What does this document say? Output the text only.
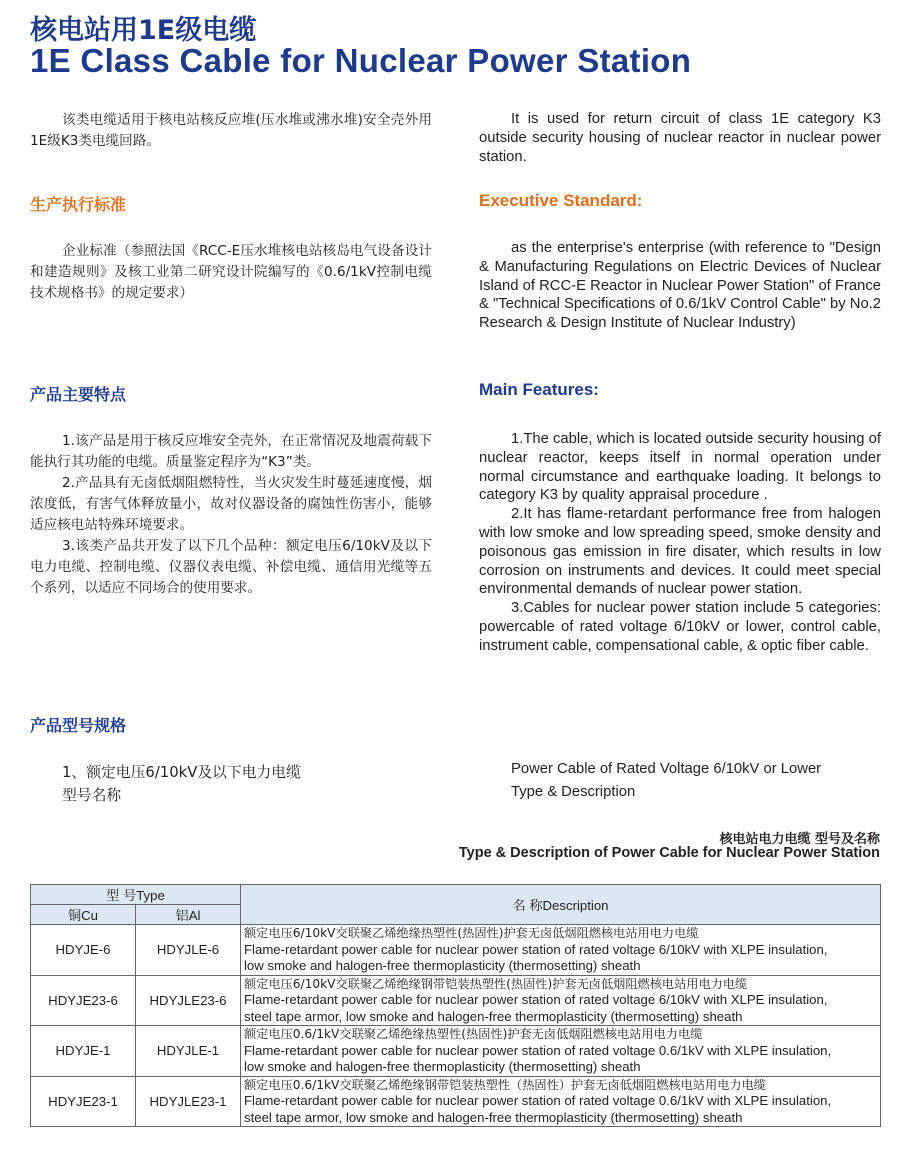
核电站用1E级电缆
1E Class Cable for Nuclear Power Station

该类电缆适用于核电站核反应堆(压水堆或沸水堆)安全壳外用1E级K3类电缆回路。

It is used for return circuit of class 1E category K3 outside security housing of nuclear reactor in nuclear power station.

生产执行标准

企业标准（参照法国《RCC-E压水堆核电站核岛电气设备设计和建造规则》及核工业第二研究设计院编写的《0.6/1kV控制电缆技术规格书》的规定要求）

Executive Standard:

as the enterprise's enterprise (with reference to "Design & Manufacturing Regulations on Electric Devices of Nuclear Island of RCC-E Reactor in Nuclear Power Station" of France & "Technical Specifications of 0.6/1kV Control Cable" by No.2 Research & Design Institute of Nuclear Industry)

产品主要特点

1.该产品是用于核反应堆安全壳外，在正常情况及地震荷载下能执行其功能的电缆。质量鉴定程序为“K3”类。

2.产品具有无卤低烟阻燃特性，当火灾发生时蔓延速度慢，烟浓度低，有害气体释放量小，故对仪器设备的腐蚀性伤害小，能够适应核电站特殊环境要求。

3.该类产品共开发了以下几个品种：额定电压6/10kV及以下电力电缆、控制电缆、仪器仪表电缆、补偿电缆、通信用光缆等五个系列，以适应不同场合的使用要求。

Main Features:

1.The cable, which is located outside security housing of nuclear reactor, keeps itself in normal operation under normal circumstance and earthquake loading. It belongs to category K3 by quality appraisal procedure .

2.It has flame-retardant performance free from halogen with low smoke and low spreading speed, smoke density and poisonous gas emission in fire disater, which results in low corrosion on instruments and devices. It could meet special environmental demands of nuclear power station.

3.Cables for nuclear power station include 5 categories: powercable of rated voltage 6/10kV or lower, control cable, instrument cable, compensational cable, & optic fiber cable.

产品型号规格

1、额定电压6/10kV及以下电力电缆

型号名称

Power Cable of Rated Voltage 6/10kV or Lower

Type & Description

核电站电力电缆 型号及名称
Type & Description of Power Cable for Nuclear Power Station
型 号Type		名 称Description
铜Cu	铝Al	
HDYJE-6	HDYJLE-6	额定电压6/10kV交联聚乙烯绝缘热塑性(热固性)护套无卤低烟阻燃核电站用电力电缆
Flame-retardant power cable for nuclear power station of rated voltage 6/10kV with XLPE insulation,
low smoke and halogen-free thermoplasticity (thermosetting) sheath

HDYJE23-6	HDYJLE23-6	额定电压6/10kV交联聚乙烯绝缘钢带铠装热塑性(热固性)护套无卤低烟阻燃核电站用电力电缆
Flame-retardant power cable for nuclear power station of rated voltage 6/10kV with XLPE insulation,
steel tape armor, low smoke and halogen-free thermoplasticity (thermosetting) sheath

HDYJE-1	HDYJLE-1	额定电压0.6/1kV交联聚乙烯绝缘热塑性(热固性)护套无卤低烟阻燃核电站用电力电缆
Flame-retardant power cable for nuclear power station of rated voltage 0.6/1kV with XLPE insulation,
low smoke and halogen-free thermoplasticity (thermosetting) sheath

HDYJE23-1	HDYJLE23-1	额定电压0.6/1kV交联聚乙烯绝缘钢带铠装热塑性（热固性）护套无卤低烟阻燃核电站用电力电缆
Flame-retardant power cable for nuclear power station of rated voltage 0.6/1kV with XLPE insulation,
steel tape armor, low smoke and halogen-free thermoplasticity (thermosetting) sheath
